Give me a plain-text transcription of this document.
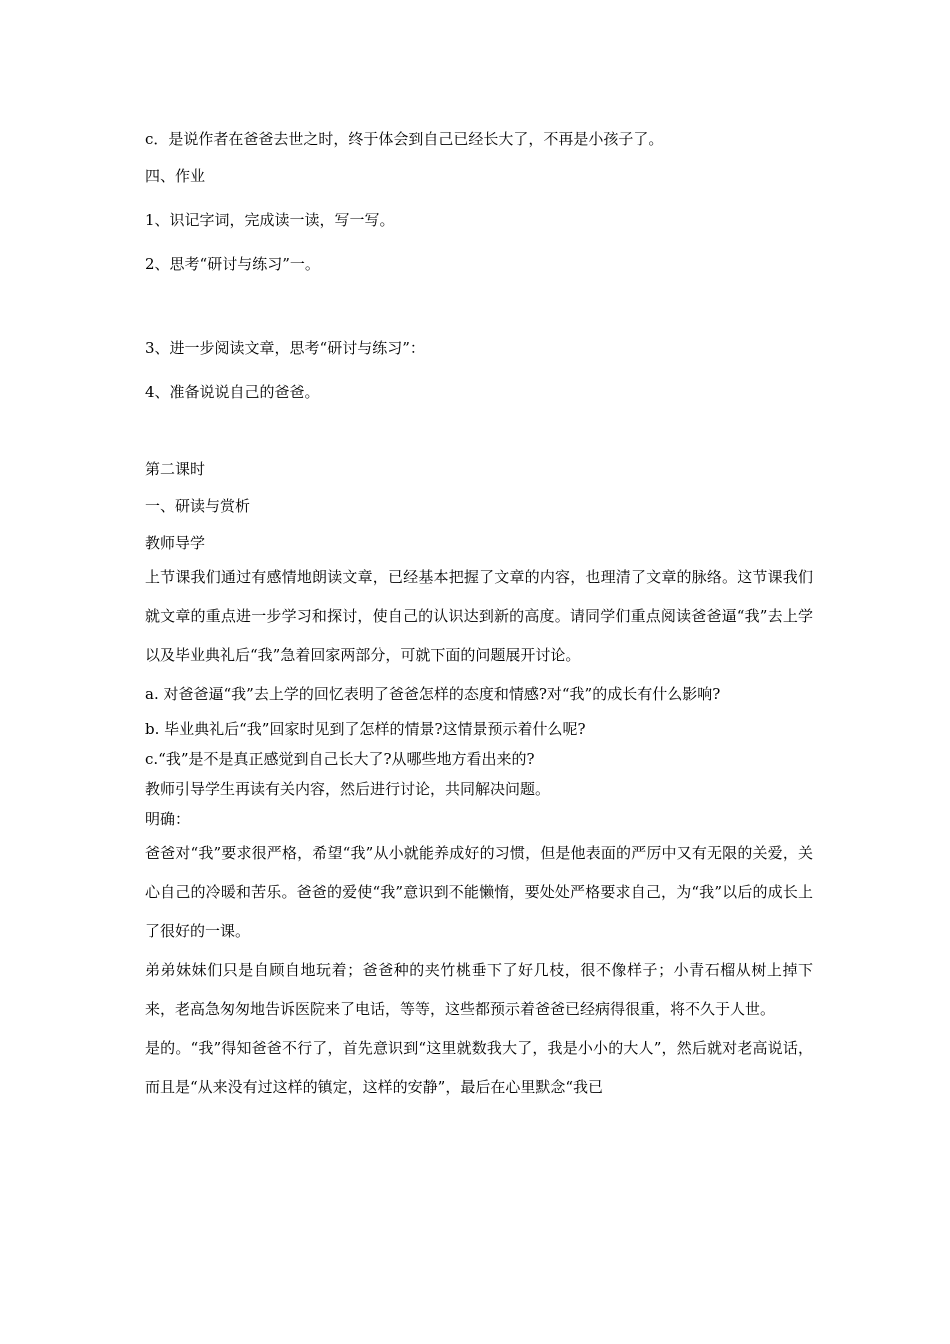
c．是说作者在爸爸去世之时，终于体会到自己已经长大了，不再是小孩子了。

四、作业

1、识记字词，完成读一读，写一写。

2、思考“研讨与练习”一。

3、进一步阅读文章，思考“研讨与练习”：

4、准备说说自己的爸爸。

第二课时

一、研读与赏析

教师导学

上节课我们通过有感情地朗读文章，已经基本把握了文章的内容，也理清了文章的脉络。这节课我们就文章的重点进一步学习和探讨，使自己的认识达到新的高度。请同学们重点阅读爸爸逼“我”去上学以及毕业典礼后“我”急着回家两部分，可就下面的问题展开讨论。

a. 对爸爸逼“我”去上学的回忆表明了爸爸怎样的态度和情感?对“我”的成长有什么影响?

b. 毕业典礼后“我”回家时见到了怎样的情景?这情景预示着什么呢?

c.“我”是不是真正感觉到自己长大了?从哪些地方看出来的?

教师引导学生再读有关内容，然后进行讨论，共同解决问题。

明确：

爸爸对“我”要求很严格，希望“我”从小就能养成好的习惯，但是他表面的严厉中又有无限的关爱，关心自己的冷暖和苦乐。爸爸的爱使“我”意识到不能懒惰，要处处严格要求自己，为“我”以后的成长上了很好的一课。

弟弟妹妹们只是自顾自地玩着；爸爸种的夹竹桃垂下了好几枝，很不像样子；小青石榴从树上掉下来，老高急匆匆地告诉医院来了电话，等等，这些都预示着爸爸已经病得很重，将不久于人世。

是的。“我”得知爸爸不行了，首先意识到“这里就数我大了，我是小小的大人”，然后就对老高说话，而且是“从来没有过这样的镇定，这样的安静”，最后在心里默念“我已
